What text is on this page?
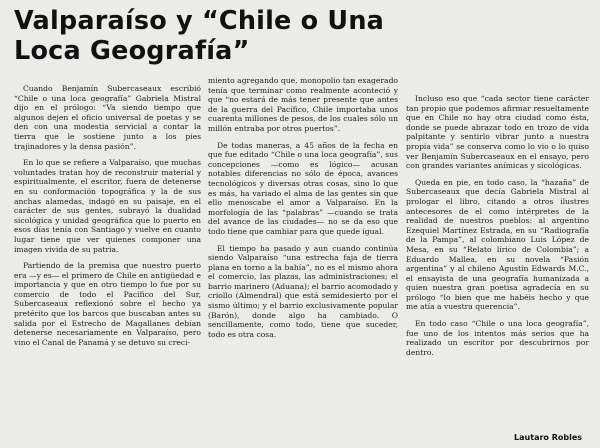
Valparaíso y “Chile o Una Loca Geografía”

Cuando Benjamín Subercaseaux escribió “Chile o una loca geografía” Gabriela Mistral dijo en el prólogo: “Va siendo tiempo que algunos dejen el oficio universal de poetas y se den con una modestia servicial a contar la tierra que le sostiene junto a los pies trajinadores y la densa pasión”.

En lo que se refiere a Valparaíso, que muchas voluntades tratan hoy de reconstruir material y espiritualmente, el escritor, fuera de detenerse en su conformación topográfica y la de sus anchas alamedas, indagó en su paisaje, en el carácter de sus gentes, subrayó la dualidad sicológica y unidad geográfica que lo puerto en esos días tenía con Santiago y vuelve en cuanto lugar tiene que ver quienes componer una imagen vivida de su patria.

Partiendo de la premisa que nuestro puerto era —y es— el primero de Chile en antigüedad e importancia y que en otro tiempo lo fue por su comercio de todo el Pacífico del Sur, Subercaseaux reflexionó sobre el hecho ya pretérito que los barcos que buscaban antes su salida por el Estrecho de Magallanes debían detenerse necesariamente en Valparaíso, pero vino el Canal de Panamá y se detuvo su creci-

miento agregando que, monopolio tan exagerado tenía que terminar como realmente aconteció y que “no estará de más tener presente que antes de la guerra del Pacífico, Chile importaba unos cuarenta millones de pesos, de los cuales sólo un millón entraba por otros puertos”.

De todas maneras, a 45 años de la fecha en que fue editado “Chile o una loca geografía”, sus concepciones —como es lógico— acusan notables diferencias no sólo de época, avances tecnológicos y diversas otras cosas, sino lo que es más, ha variado el alma de las gentes sin que ello menoscabe el amor a Valparaíso. En la morfología de las “palabras” —cuando se trata del avance de las ciudades— no se da eso que todo tiene que cambiar para que quede igual.

El tiempo ha pasado y aun cuando continúa siendo Valparaíso “una estrecha faja de tierra plana en torno a la bahía”, no es el mismo ahora el comercio, las plazas, las administraciones; el barrio marinero (Aduana); el barrio acomodado y criollo (Almendral) que está semidesierto por el sismo último; y el barrio exclusivamente popular (Barón), donde algo ha cambiado. O sencillamente, como todo, tiene que suceder, todo es otra cosa.

Incluso eso que “cada sector tiene carácter tan propio que podemos afirmar resueltamente que en Chile no hay otra ciudad como ésta, donde se puede abrazar todo en trozo de vida palpitante y sentirlo vibrar junto a nuestra propia vida” se conserva como lo vio o lo quiso ver Benjamín Subercaseaux en el ensayo, pero con grandes variantes anímicas y sicológicas.

Queda en pie, en todo caso, la “hazaña” de Subercaseaux que decía Gabriela Mistral al prologar el libro, citando a otros ilustres antecesores de el como intérpretes de la realidad de nuestros pueblos: al argentino Ezequiel Martínez Estrada, en su “Radiografía de la Pampa”, al colombiano Luis López de Mesa, en su “Relato lírico de Colombia”; a Eduardo Mallea, en su novela “Pasión argentina” y al chileno Agustín Edwards M.C., el ensayista de una geografía humanizada a quien nuestra gran poetisa agradecía en su prólogo “lo bien que me habéis hecho y que me atía a vuestra querencia”.

En todo caso “Chile o una loca geografía”, fue uno de los intentos más serios que ha realizado un escritor por descubrirnos por dentro.

Lautaro Robles
